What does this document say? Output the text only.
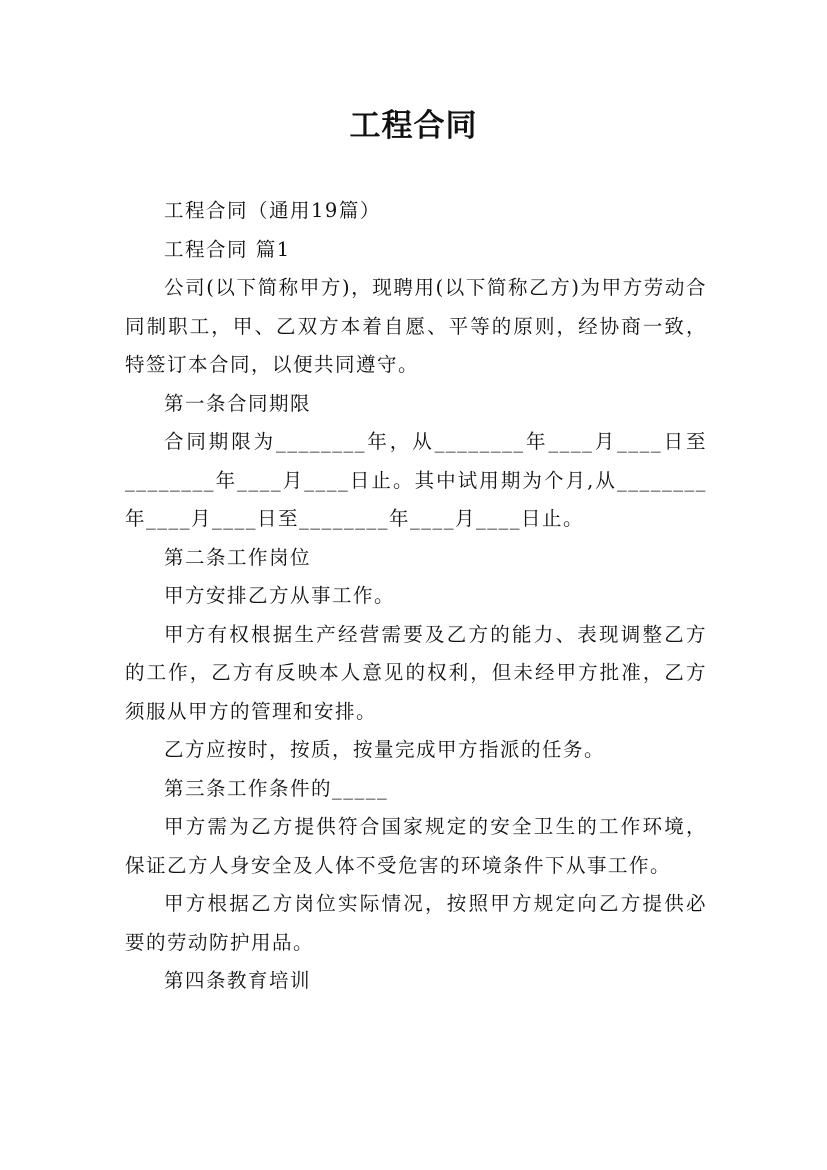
工程合同

工程合同（通用19篇）

工程合同 篇1

公司(以下简称甲方)，现聘用(以下简称乙方)为甲方劳动合同制职工，甲、乙双方本着自愿、平等的原则，经协商一致，特签订本合同，以便共同遵守。

第一条合同期限

合同期限为________年，从________年____月____日至________年____月____日止。其中试用期为个月,从________年____月____日至________年____月____日止。

第二条工作岗位

甲方安排乙方从事工作。

甲方有权根据生产经营需要及乙方的能力、表现调整乙方的工作，乙方有反映本人意见的权利，但未经甲方批准，乙方须服从甲方的管理和安排。

乙方应按时，按质，按量完成甲方指派的任务。

第三条工作条件的_____

甲方需为乙方提供符合国家规定的安全卫生的工作环境，保证乙方人身安全及人体不受危害的环境条件下从事工作。

甲方根据乙方岗位实际情况，按照甲方规定向乙方提供必要的劳动防护用品。

第四条教育培训
